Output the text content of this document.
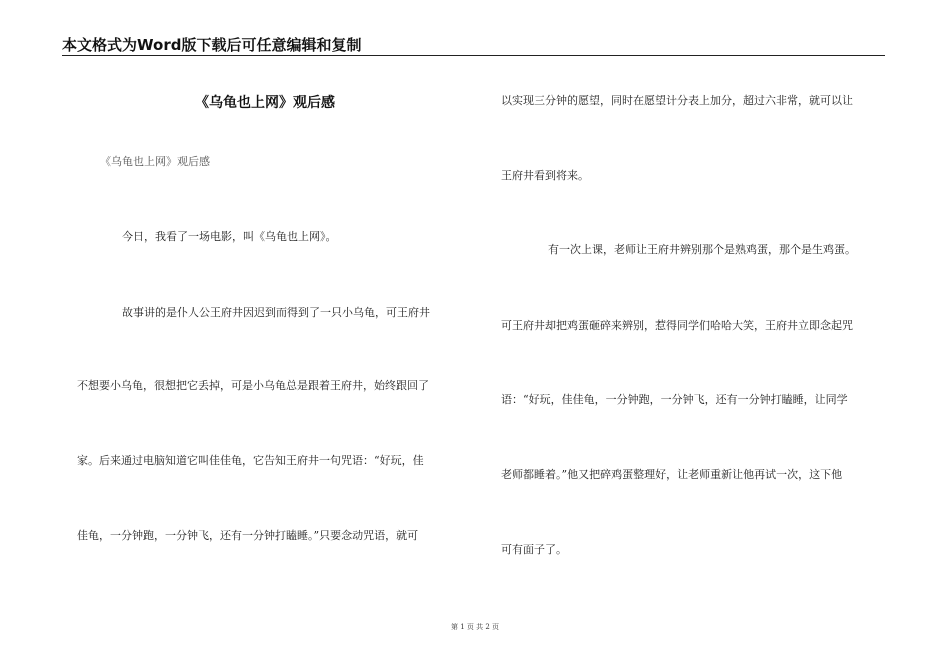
本文格式为Word版下载后可任意编辑和复制
《乌龟也上网》观后感
《乌龟也上网》观后感
今日，我看了一场电影，叫《乌龟也上网》。
故事讲的是仆人公王府井因迟到而得到了一只小乌龟，可王府井
不想要小乌龟，很想把它丢掉，可是小乌龟总是跟着王府井，始终跟回了
家。后来通过电脑知道它叫佳佳龟，它告知王府井一句咒语：“好玩，佳
佳龟，一分钟跑，一分钟飞，还有一分钟打瞌睡。”只要念动咒语，就可
以实现三分钟的愿望，同时在愿望计分表上加分，超过六非常，就可以让
王府井看到将来。
有一次上课，老师让王府井辨别那个是熟鸡蛋，那个是生鸡蛋。
可王府井却把鸡蛋砸碎来辨别，惹得同学们哈哈大笑，王府井立即念起咒
语：“好玩，佳佳龟，一分钟跑，一分钟飞，还有一分钟打瞌睡，让同学
老师都睡着。”他又把碎鸡蛋整理好，让老师重新让他再试一次，这下他
可有面子了。
第 1 页 共 2 页
